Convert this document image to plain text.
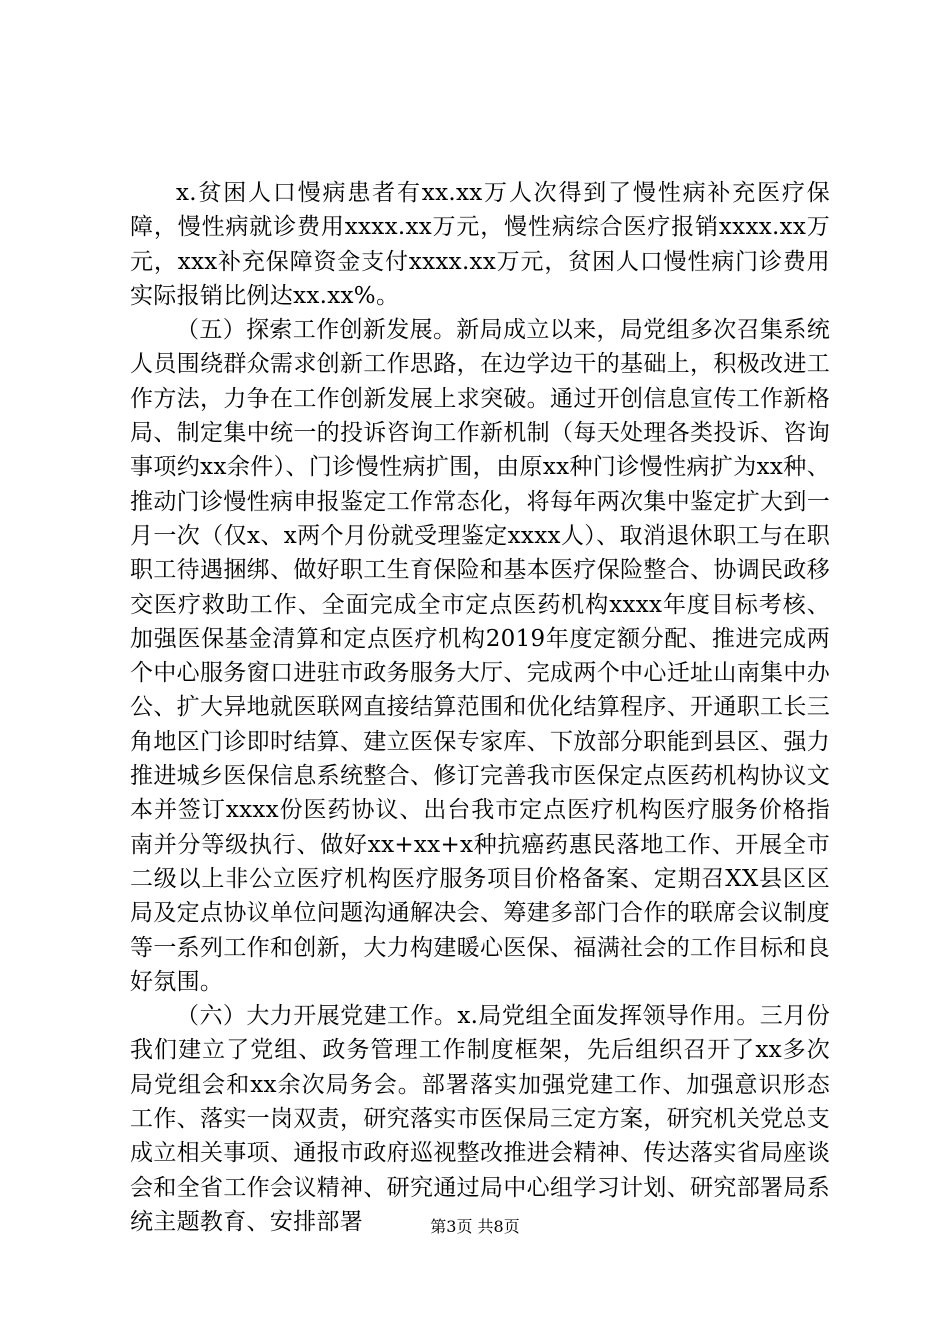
x.贫困人口慢病患者有xx.xx万人次得到了慢性病补充医疗保障，慢性病就诊费用xxxx.xx万元，慢性病综合医疗报销xxxx.xx万元，xxx补充保障资金支付xxxx.xx万元，贫困人口慢性病门诊费用实际报销比例达xx.xx%。

（五）探索工作创新发展。新局成立以来，局党组多次召集系统人员围绕群众需求创新工作思路，在边学边干的基础上，积极改进工作方法，力争在工作创新发展上求突破。通过开创信息宣传工作新格局、制定集中统一的投诉咨询工作新机制（每天处理各类投诉、咨询事项约xx余件）、门诊慢性病扩围，由原xx种门诊慢性病扩为xx种、推动门诊慢性病申报鉴定工作常态化，将每年两次集中鉴定扩大到一月一次（仅x、x两个月份就受理鉴定xxxx人）、取消退休职工与在职职工待遇捆绑、做好职工生育保险和基本医疗保险整合、协调民政移交医疗救助工作、全面完成全市定点医药机构xxxx年度目标考核、加强医保基金清算和定点医疗机构2019年度定额分配、推进完成两个中心服务窗口进驻市政务服务大厅、完成两个中心迁址山南集中办公、扩大异地就医联网直接结算范围和优化结算程序、开通职工长三角地区门诊即时结算、建立医保专家库、下放部分职能到县区、强力推进城乡医保信息系统整合、修订完善我市医保定点医药机构协议文本并签订xxxx份医药协议、出台我市定点医疗机构医疗服务价格指南并分等级执行、做好xx+xx+x种抗癌药惠民落地工作、开展全市二级以上非公立医疗机构医疗服务项目价格备案、定期召XX县区区局及定点协议单位问题沟通解决会、筹建多部门合作的联席会议制度等一系列工作和创新，大力构建暖心医保、福满社会的工作目标和良好氛围。

（六）大力开展党建工作。x.局党组全面发挥领导作用。三月份我们建立了党组、政务管理工作制度框架，先后组织召开了xx多次局党组会和xx余次局务会。部署落实加强党建工作、加强意识形态工作、落实一岗双责，研究落实市医保局三定方案，研究机关党总支成立相关事项、通报市政府巡视整改推进会精神、传达落实省局座谈会和全省工作会议精神、研究通过局中心组学习计划、研究部署局系统主题教育、安排部署	第3页 共8页
